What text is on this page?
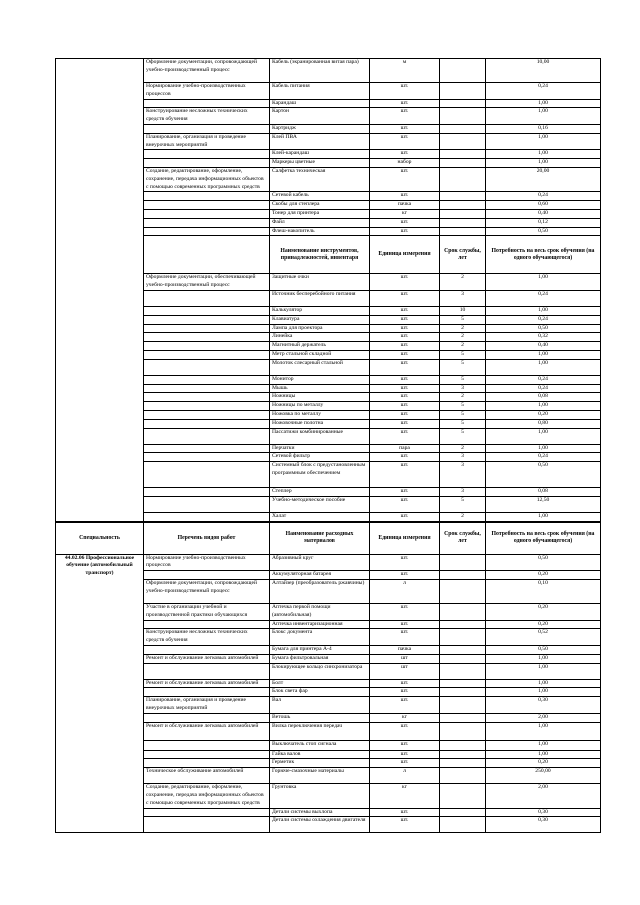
	Оформление документации, сопровождающей учебно-производственный процесс	Кабель (экранированная витая пара)	м		10,00
	Нормирование учебно-производственных процессов	Кабель питания	шт.		0,24
		Карандаш	шт.		1,00
	Конструирование несложных технических средств обучения	Картон	шт.		1,00
		Картридж	шт.		0,16
	Планирование, организация и проведение внеурочных мероприятий	Клей ПВА	шт.		1,00
		Клей-карандаш	шт.		1,00
		Маркеры цветные	набор		1,00
	Создание, редактирование, оформление, сохранение, передача информационных объектов с помощью современных программных средств	Салфетка техническая	шт.		20,00
		Сетевой кабель	шт.		0,24
		Скобы для степлера	пачка		0,60
		Тонер для принтера	кг		0,40
		Файл	шт.		0,12
		Флеш-накопитель	шт.		0,50
		Наименование инструментов, принадлежностей, инвентаря	Единица измерения	Срок службы, лет	Потребность на весь срок обучения (на одного обучающегося)
	Оформление документации, обеспечивающей учебно-производственный процесс	Защитные очки	шт.	2	1,00
		Источник бесперебойного питания	шт.	3	0,24
		Калькулятор	шт.	10	1,00
		Клавиатура	шт.	5	0,24
		Лампа для проектора	шт.	2	0,50
		Линейка	шт.	2	0,32
		Магнитный держатель	шт.	2	0,40
		Метр стальной складной	шт.	5	1,00
		Молоток слесарный стальной	шт.	5	1,00
		Монитор	шт.	5	0,24
		Мышь	шт.	3	0,24
		Ножницы	шт.	2	0,08
		Ножницы по металлу	шт.	5	1,00
		Ножовка по металлу	шт.	5	0,20
		Ножовочные полотна	шт.	5	0,80
		Пассатижи комбинированные	шт.	5	1,00
		Перчатки	пара	2	1,00
		Сетевой фильтр	шт.	3	0,24
		Системный блок с предустановленным программным обеспечением	шт.	3	0,50
		Степлер	шт.	3	0,08
		Учебно-методическое пособие	шт.	5	12,50
		Халат	шт.	2	1,00
Специальность	Перечень видов работ	Наименование расходных материалов	Единица измерения	Срок службы, лет	Потребность на весь срок обучения (на одного обучающегося)
44.02.06 Профессиональное обучение (автомобильный транспорт)	Нормирование учебно-производственных процессов	Абразивный круг	шт.		0,50
		Аккумуляторная батарея	шт.		0,20
	Оформление документации, сопровождающей учебно-производственный процесс	Алтайзер (преобразователь ржавчины)	л		0,10
	Участие в организации учебной и производственной практики обучающихся	Аптечка первой помощи (автомобильная)	шт.		0,20
		Аптечка инвентаризационная	шт.		0,20
	Конструирование несложных технических средств обучения	Блокс документа	шт.		0,52
		Бумага для принтера А-4	пачка		0,50
	Ремонт и обслуживание легковых автомобилей	Бумага фильтровальная	шт		1,00
		Блокирующее кольцо синхронизатора	шт		1,00
	Ремонт и обслуживание легковых автомобилей	Болт	шт.		1,00
		Блок света фар	шт.		1,00
	Планирование, организация и проведение внеурочных мероприятий	Вал	шт.		0,30
		Ветошь	кг		2,00
	Ремонт и обслуживание легковых автомобилей	Вилка переключения передач	шт.		1,00
		Выключатель стоп сигнала	шт.		1,00
		Гайка валов	шт.		1,00
		Герметик	шт.		0,20
	Техническое обслуживание автомобилей	Горюче-смазочные материалы	л		250,00
	Создание, редактирование, оформление, сохранение, передача информационных объектов с помощью современных программных средств	Грунтовка	кг		2,00
		Детали системы выхлопа	шт.		0,30
		Детали системы охлаждения двигателя	шт.		0,30
